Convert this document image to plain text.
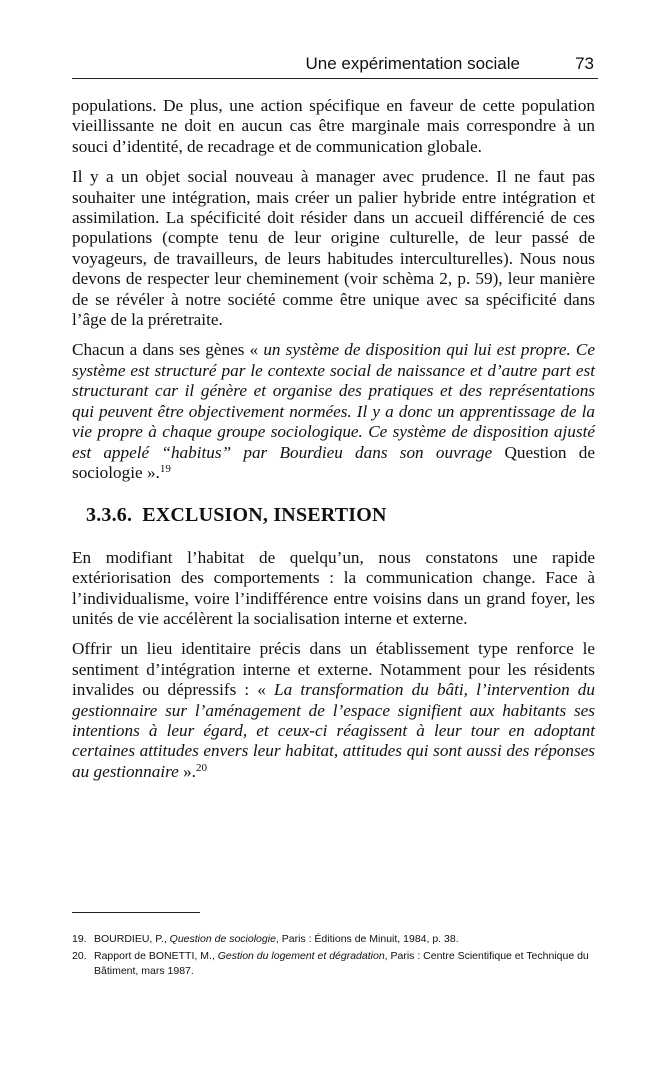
Une expérimentation sociale	73

populations. De plus, une action spécifique en faveur de cette population vieillissante ne doit en aucun cas être marginale mais correspondre à un souci d’identité, de recadrage et de communication globale.

Il y a un objet social nouveau à manager avec prudence. Il ne faut pas souhaiter une intégration, mais créer un palier hybride entre intégration et assimilation. La spécificité doit résider dans un accueil différencié de ces populations (compte tenu de leur origine culturelle, de leur passé de voyageurs, de travailleurs, de leurs habitudes interculturelles). Nous nous devons de respecter leur cheminement (voir schèma 2, p. 59), leur manière de se révéler à notre société comme être unique avec sa spécificité dans l’âge de la préretraite.

Chacun a dans ses gènes « un système de disposition qui lui est propre. Ce système est structuré par le contexte social de naissance et d’autre part est structurant car il génère et organise des pratiques et des représentations qui peuvent être objectivement normées. Il y a donc un apprentissage de la vie propre à chaque groupe sociologique. Ce système de disposition ajusté est appelé “habitus” par Bourdieu dans son ouvrage Question de sociologie ».$^{19}$

3.3.6. EXCLUSION, INSERTION

En modifiant l’habitat de quelqu’un, nous constatons une rapide extériorisation des comportements : la communication change. Face à l’individualisme, voire l’indifférence entre voisins dans un grand foyer, les unités de vie accélèrent la socialisation interne et externe.

Offrir un lieu identitaire précis dans un établissement type renforce le sentiment d’intégration interne et externe. Notamment pour les résidents invalides ou dépressifs : « La transformation du bâti, l’intervention du gestionnaire sur l’aménagement de l’espace signifient aux habitants ses intentions à leur égard, et ceux-ci réagissent à leur tour en adoptant certaines attitudes envers leur habitat, attitudes qui sont aussi des réponses au gestionnaire ».$^{20}$

19. BOURDIEU, P., Question de sociologie, Paris : Éditions de Minuit, 1984, p. 38.
20. Rapport de BONETTI, M., Gestion du logement et dégradation, Paris : Centre Scientifique et Technique du Bâtiment, mars 1987.
